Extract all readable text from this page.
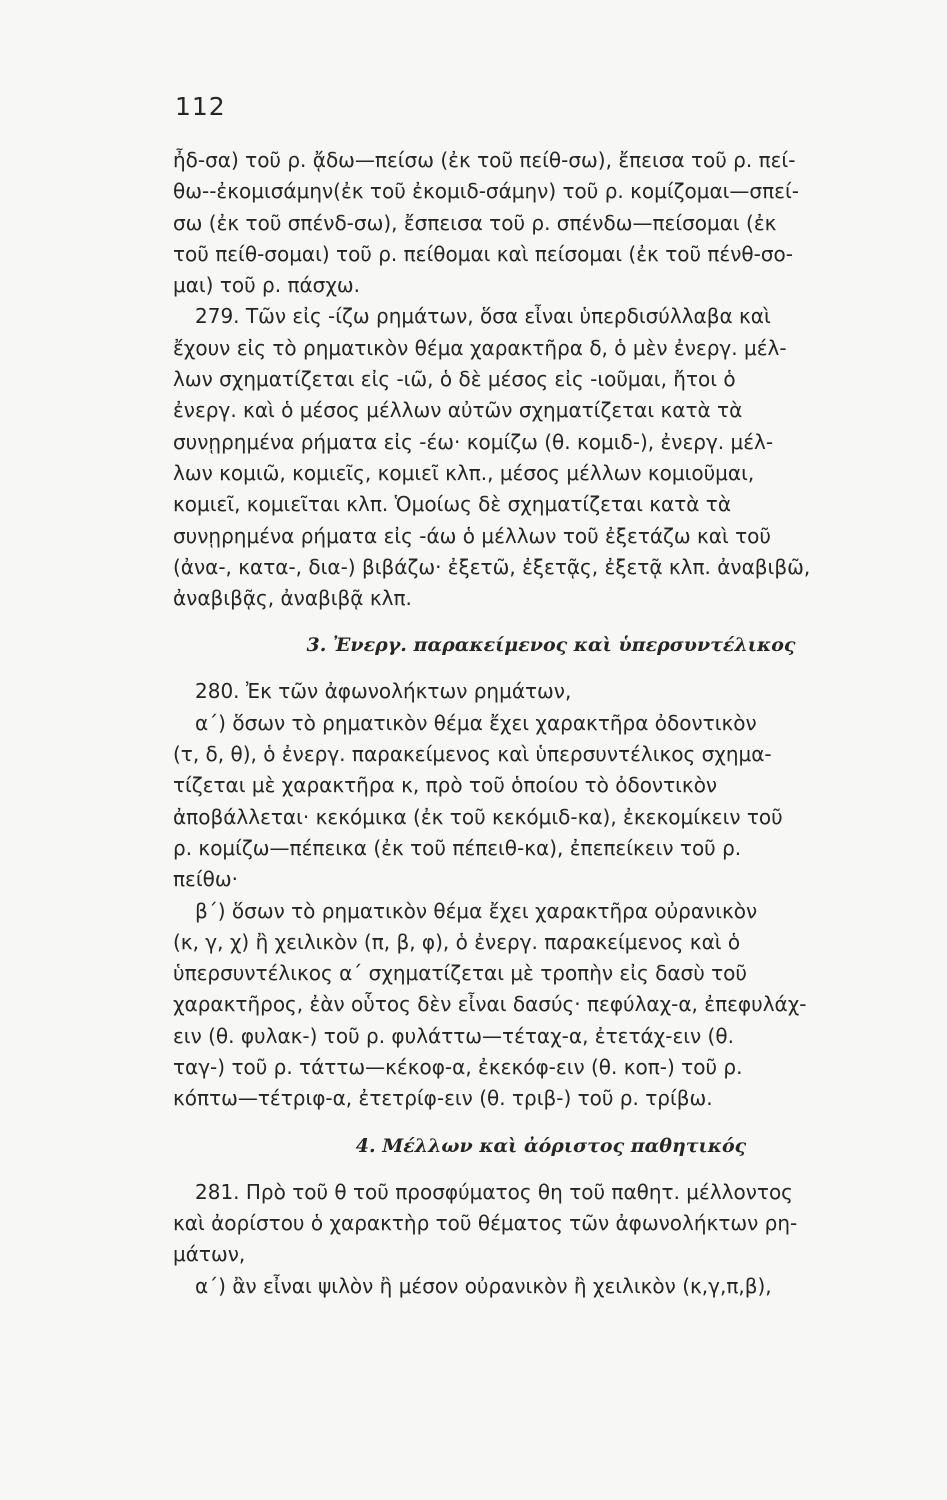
112
ἦδ-σα) τοῦ ρ. ᾄδω—πείσω (ἐκ τοῦ πείθ-σω), ἔπεισα τοῦ ρ. πεί-
θω--ἐκομισάμην(ἐκ τοῦ ἐκομιδ-σάμην) τοῦ ρ. κομίζομαι—σπεί-
σω (ἐκ τοῦ σπένδ-σω), ἔσπεισα τοῦ ρ. σπένδω—πείσομαι (ἐκ
τοῦ πείθ-σομαι) τοῦ ρ. πείθομαι καὶ πείσομαι (ἐκ τοῦ πένθ-σο-
μαι) τοῦ ρ. πάσχω.
279. Τῶν εἰς -ίζω ρημάτων, ὅσα εἶναι ὑπερδισύλλαβα καὶ
ἔχουν εἰς τὸ ρηματικὸν θέμα χαρακτῆρα δ, ὁ μὲν ἐνεργ. μέλ-
λων σχηματίζεται εἰς -ιῶ, ὁ δὲ μέσος εἰς -ιοῦμαι, ἤτοι ὁ
ἐνεργ. καὶ ὁ μέσος μέλλων αὐτῶν σχηματίζεται κατὰ τὰ
συνῃρημένα ρήματα εἰς -έω· κομίζω (θ. κομιδ-), ἐνεργ. μέλ-
λων κομιῶ, κομιεῖς, κομιεῖ κλπ., μέσος μέλλων κομιοῦμαι,
κομιεῖ, κομιεῖται κλπ. Ὁμοίως δὲ σχηματίζεται κατὰ τὰ
συνῃρημένα ρήματα εἰς -άω ὁ μέλλων τοῦ ἐξετάζω καὶ τοῦ
(ἀνα-, κατα-, δια-) βιβάζω· ἐξετῶ, ἐξετᾷς, ἐξετᾷ κλπ. ἀναβιβῶ,
ἀναβιβᾷς, ἀναβιβᾷ κλπ.
3. Ἐνεργ. παρακείμενος καὶ ὑπερσυντέλικος
280. Ἐκ τῶν ἀφωνολήκτων ρημάτων,
α΄) ὅσων τὸ ρηματικὸν θέμα ἔχει χαρακτῆρα ὀδοντικὸν
(τ, δ, θ), ὁ ἐνεργ. παρακείμενος καὶ ὑπερσυντέλικος σχημα-
τίζεται μὲ χαρακτῆρα κ, πρὸ τοῦ ὁποίου τὸ ὀδοντικὸν
ἀποβάλλεται· κεκόμικα (ἐκ τοῦ κεκόμιδ-κα), ἐκεκομίκειν τοῦ
ρ. κομίζω—πέπεικα (ἐκ τοῦ πέπειθ-κα), ἐπεπείκειν τοῦ ρ.
πείθω·
β΄) ὅσων τὸ ρηματικὸν θέμα ἔχει χαρακτῆρα οὐρανικὸν
(κ, γ, χ) ἢ χειλικὸν (π, β, φ), ὁ ἐνεργ. παρακείμενος καὶ ὁ
ὑπερσυντέλικος α΄ σχηματίζεται μὲ τροπὴν εἰς δασὺ τοῦ
χαρακτῆρος, ἐὰν οὗτος δὲν εἶναι δασύς· πεφύλαχ-α, ἐπεφυλάχ-
ειν (θ. φυλακ-) τοῦ ρ. φυλάττω—τέταχ-α, ἐτετάχ-ειν (θ.
ταγ-) τοῦ ρ. τάττω—κέκοφ-α, ἐκεκόφ-ειν (θ. κοπ-) τοῦ ρ.
κόπτω—τέτριφ-α, ἐτετρίφ-ειν (θ. τριβ-) τοῦ ρ. τρίβω.
4. Μέλλων καὶ ἀόριστος παθητικός
281. Πρὸ τοῦ θ τοῦ προσφύματος θη τοῦ παθητ. μέλλοντος
καὶ ἀορίστου ὁ χαρακτὴρ τοῦ θέματος τῶν ἀφωνολήκτων ρη-
μάτων,
α΄) ἂν εἶναι ψιλὸν ἢ μέσον οὐρανικὸν ἢ χειλικὸν (κ,γ,π,β),
